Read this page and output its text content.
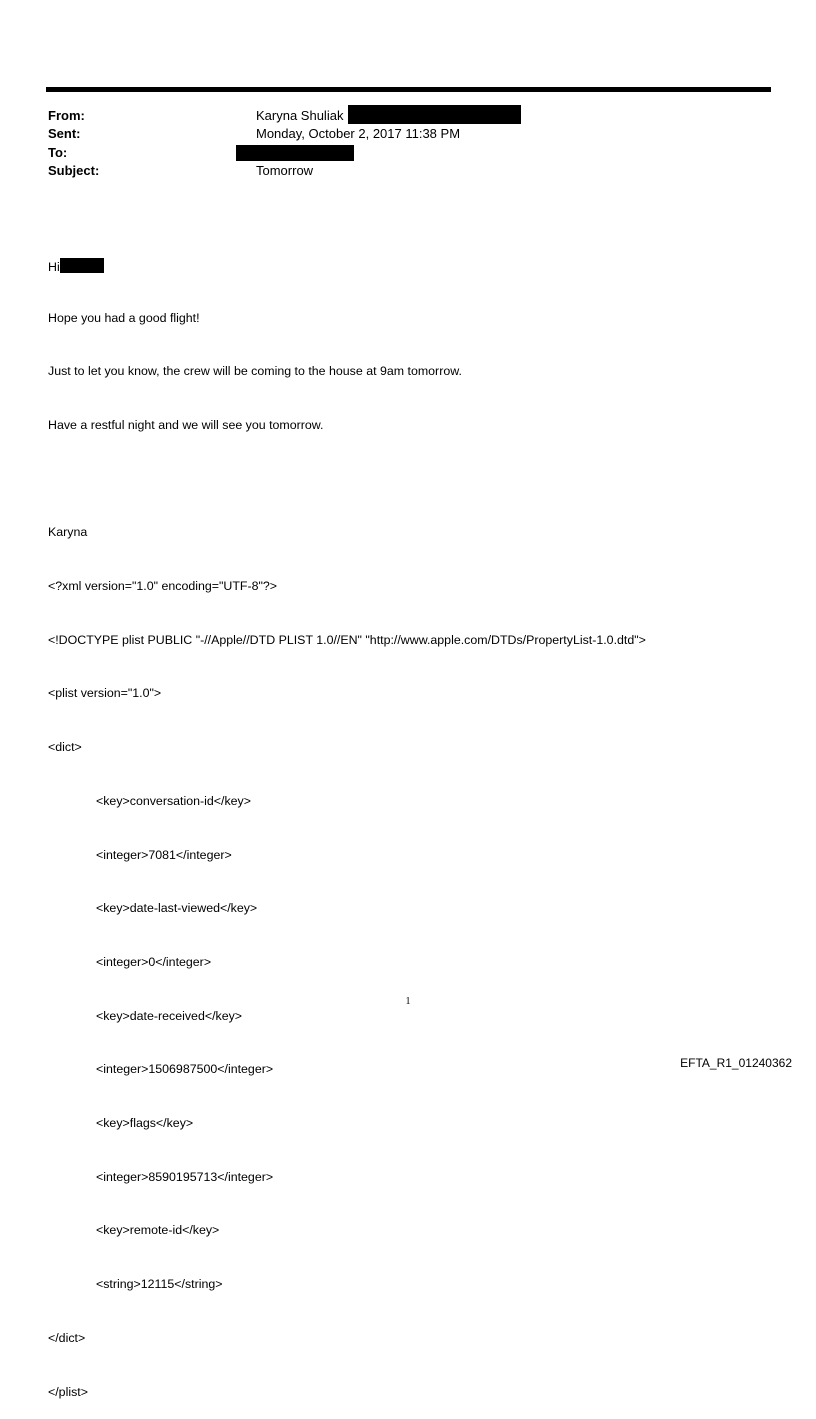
From:	Karyna Shuliak
Sent:	Monday, October 2, 2017 11:38 PM
To:
Subject:	Tomorrow

Hi

Hope you had a good flight!

Just to let you know, the crew will be coming to the house at 9am tomorrow.

Have a restful night and we will see you tomorrow.

Karyna

<?xml version="1.0" encoding="UTF-8"?>

<!DOCTYPE plist PUBLIC "-//Apple//DTD PLIST 1.0//EN" "http://www.apple.com/DTDs/PropertyList-1.0.dtd">

<plist version="1.0">

<dict>

<key>conversation-id</key>

<integer>7081</integer>

<key>date-last-viewed</key>

<integer>0</integer>

<key>date-received</key>

<integer>1506987500</integer>

<key>flags</key>

<integer>8590195713</integer>

<key>remote-id</key>

<string>12115</string>

</dict>

</plist>

1
EFTA_R1_01240362
